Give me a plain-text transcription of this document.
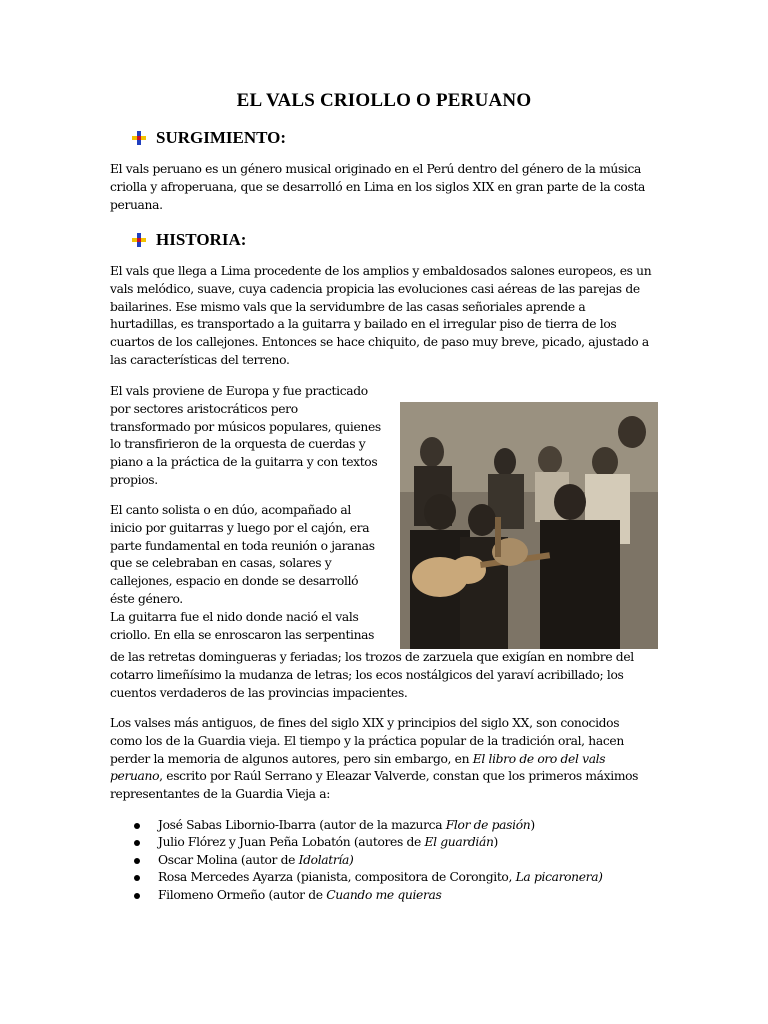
EL VALS CRIOLLO O PERUANO
SURGIMIENTO:
El vals peruano es un género musical originado en el Perú dentro del género de la música
criolla y afroperuana, que se desarrolló en Lima en los siglos XIX en gran parte de la costa
peruana.
HISTORIA:
El vals que llega a Lima procedente de los amplios y embaldosados salones europeos, es un
vals melódico, suave, cuya cadencia propicia las evoluciones casi aéreas de las parejas de
bailarines. Ese mismo vals que la servidumbre de las casas señoriales aprende a
hurtadillas, es transportado a la guitarra y bailado en el irregular piso de tierra de los
cuartos de los callejones. Entonces se hace chiquito, de paso muy breve, picado, ajustado a
las características del terreno.
El vals proviene de Europa y fue practicado
por sectores aristocráticos pero
transformado por músicos populares, quienes
lo transfirieron de la orquesta de cuerdas y
piano a la práctica de la guitarra y con textos
propios.
El canto solista o en dúo, acompañado al
inicio por guitarras y luego por el cajón, era
parte fundamental en toda reunión o jaranas
que se celebraban en casas, solares y
callejones, espacio en donde se desarrolló
éste género.
La guitarra fue el nido donde nació el vals
criollo. En ella se enroscaron las serpentinas
de las retretas domingueras y feriadas; los trozos de zarzuela que exigían en nombre del
cotarro limeñísimo la mudanza de letras; los ecos nostálgicos del yaraví acribillado; los
cuentos verdaderos de las provincias impacientes.
Los valses más antiguos, de fines del siglo XIX y principios del siglo XX, son conocidos
como los de la Guardia vieja. El tiempo y la práctica popular de la tradición oral, hacen
perder la memoria de algunos autores, pero sin embargo, en El libro de oro del vals
peruano, escrito por Raúl Serrano y Eleazar Valverde, constan que los primeros máximos
representantes de la Guardia Vieja a:
José Sabas Libornio-Ibarra (autor de la mazurca Flor de pasión)
Julio Flórez y Juan Peña Lobatón (autores de El guardián)
Oscar Molina (autor de Idolatría)
Rosa Mercedes Ayarza (pianista, compositora de Corongito, La picaronera)
Filomeno Ormeño (autor de Cuando me quieras
